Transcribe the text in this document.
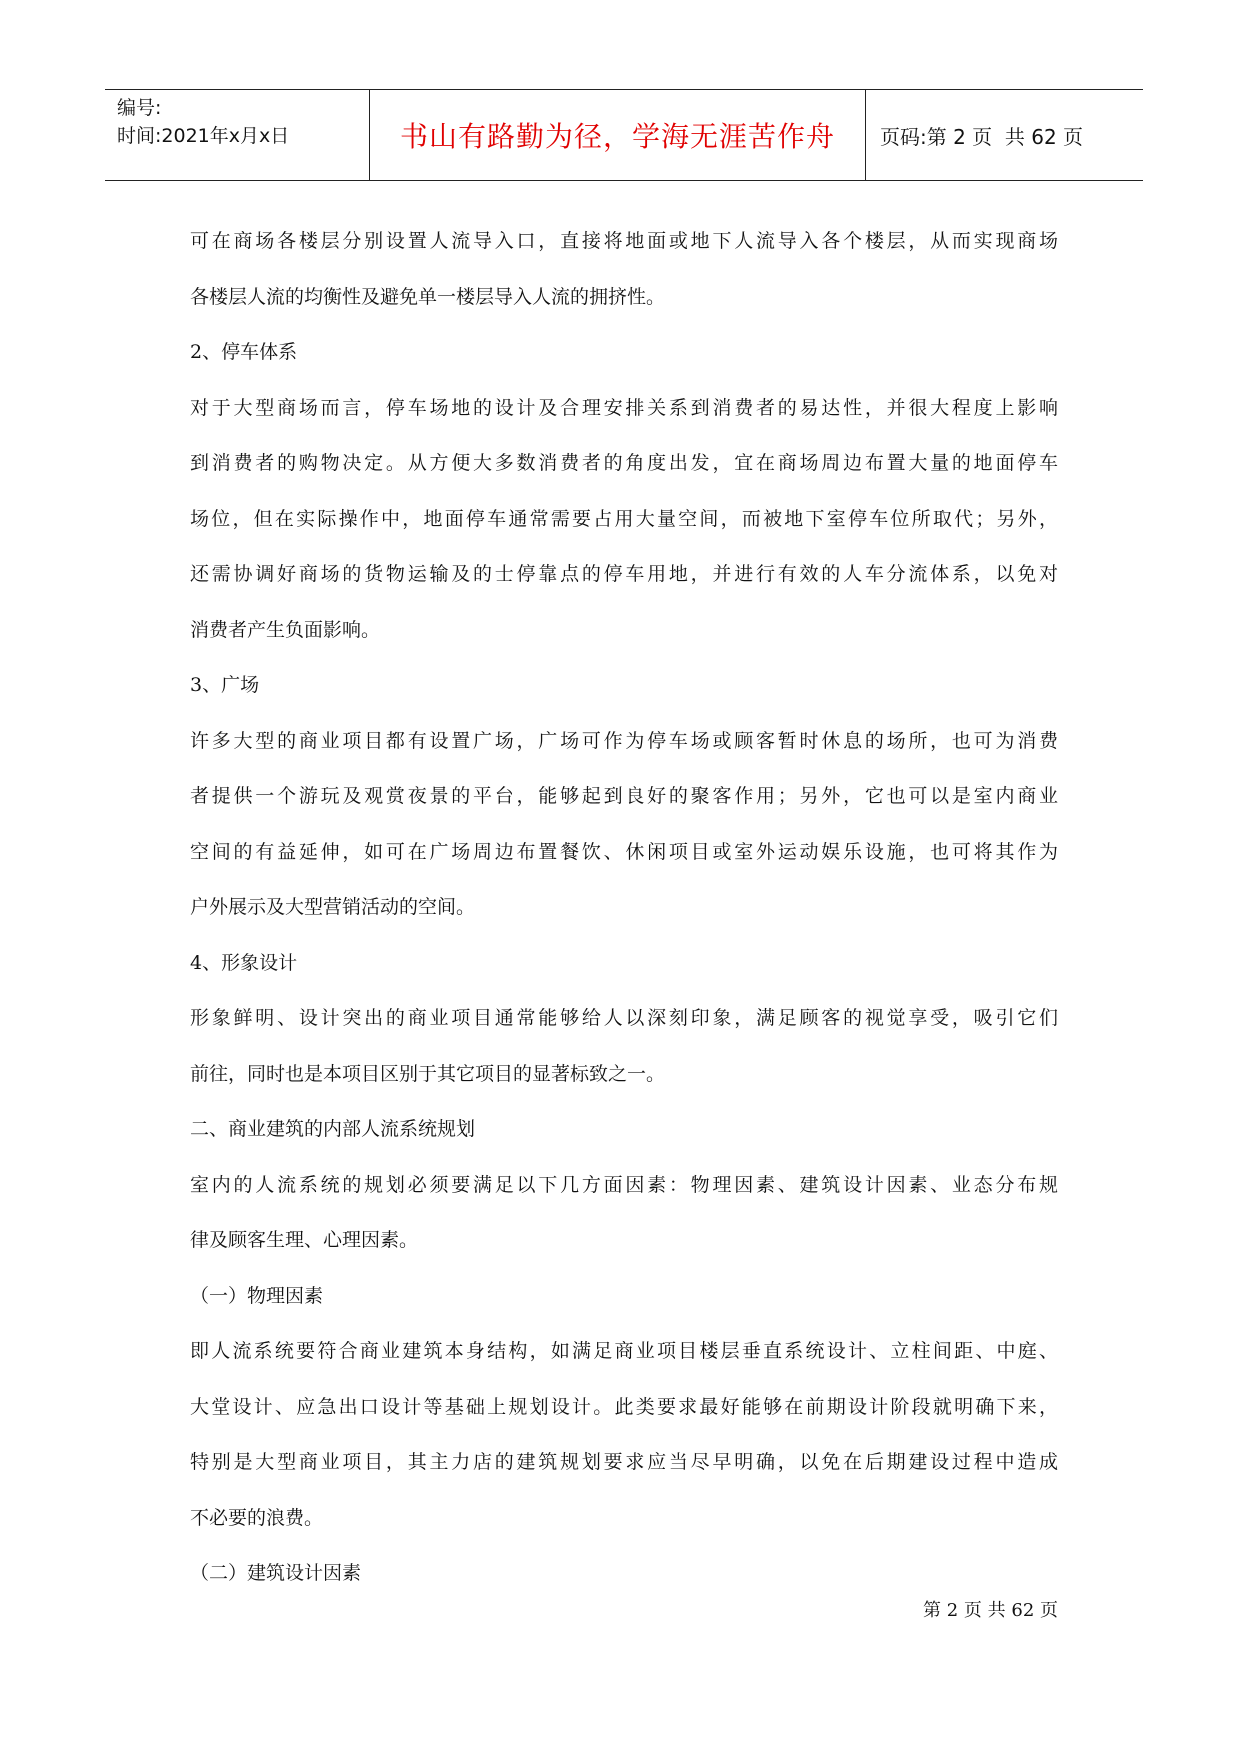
编号:
时间:2021年x月x日	书山有路勤为径，学海无涯苦作舟	页码:第 2 页  共 62 页
可在商场各楼层分别设置人流导入口，直接将地面或地下人流导入各个楼层，从而实现商场
各楼层人流的均衡性及避免单一楼层导入人流的拥挤性。
2、停车体系
对于大型商场而言，停车场地的设计及合理安排关系到消费者的易达性，并很大程度上影响
到消费者的购物决定。从方便大多数消费者的角度出发，宜在商场周边布置大量的地面停车
场位，但在实际操作中，地面停车通常需要占用大量空间，而被地下室停车位所取代；另外，
还需协调好商场的货物运输及的士停靠点的停车用地，并进行有效的人车分流体系，以免对
消费者产生负面影响。
3、广场
许多大型的商业项目都有设置广场，广场可作为停车场或顾客暂时休息的场所，也可为消费
者提供一个游玩及观赏夜景的平台，能够起到良好的聚客作用；另外，它也可以是室内商业
空间的有益延伸，如可在广场周边布置餐饮、休闲项目或室外运动娱乐设施，也可将其作为
户外展示及大型营销活动的空间。
4、形象设计
形象鲜明、设计突出的商业项目通常能够给人以深刻印象，满足顾客的视觉享受，吸引它们
前往，同时也是本项目区别于其它项目的显著标致之一。
二、商业建筑的内部人流系统规划
室内的人流系统的规划必须要满足以下几方面因素：物理因素、建筑设计因素、业态分布规
律及顾客生理、心理因素。
（一）物理因素
即人流系统要符合商业建筑本身结构，如满足商业项目楼层垂直系统设计、立柱间距、中庭、
大堂设计、应急出口设计等基础上规划设计。此类要求最好能够在前期设计阶段就明确下来，
特别是大型商业项目，其主力店的建筑规划要求应当尽早明确，以免在后期建设过程中造成
不必要的浪费。
（二）建筑设计因素
第 2 页 共 62 页
